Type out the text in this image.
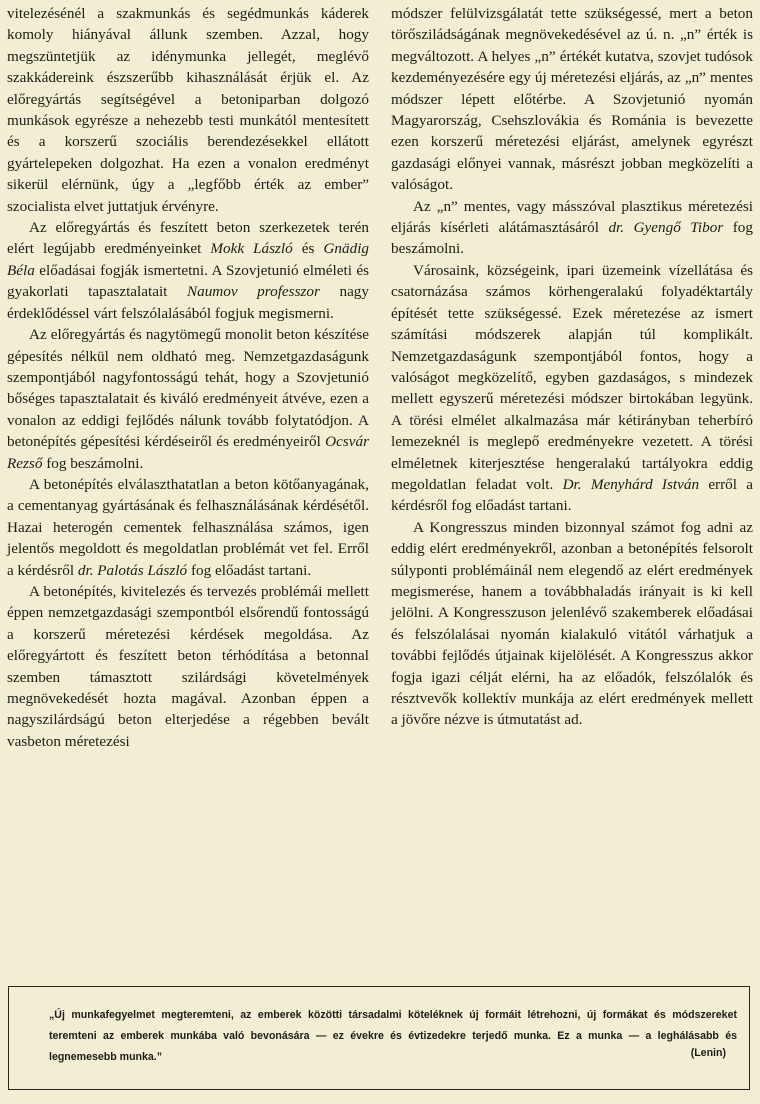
vitelezésénél a szakmunkás és segédmunkás káderek komoly hiányával állunk szemben. Azzal, hogy megszüntetjük az idénymunka jellegét, meglévő szakkádereink észszerűbb kihasználását érjük el. Az előregyártás segítségével a betoniparban dolgozó munkások egyrésze a nehezebb testi munkától mentesített és a korszerű szociális berendezésekkel ellátott gyártelepeken dolgozhat. Ha ezen a vonalon eredményt sikerül elérnünk, úgy a „legfőbb érték az ember” szocialista elvet juttatjuk érvényre.

Az előregyártás és feszített beton szerkezetek terén elért legújabb eredményeinket Mokk László és Gnädig Béla előadásai fogják ismertetni. A Szovjetunió elméleti és gyakorlati tapasztalatait Naumov professzor nagy érdeklődéssel várt felszólalásából fogjuk megismerni.

Az előregyártás és nagytömegű monolit beton készítése gépesítés nélkül nem oldható meg. Nemzetgazdaságunk szempontjából nagyfontosságú tehát, hogy a Szovjetunió bőséges tapasztalatait és kiváló eredményeit átvéve, ezen a vonalon az eddigi fejlődés nálunk tovább folytatódjon. A betonépítés gépesítési kérdéseiről és eredményeiről Ocsvár Rezső fog beszámolni.

A betonépítés elválaszthatatlan a beton kötőanyagának, a cementanyag gyártásának és felhasználásának kérdésétől. Hazai heterogén cementek felhasználása számos, igen jelentős megoldott és megoldatlan problémát vet fel. Erről a kérdésről dr. Palotás László fog előadást tartani.

A betonépítés, kivitelezés és tervezés problémái mellett éppen nemzetgazdasági szempontból elsőrendű fontosságú a korszerű méretezési kérdések megoldása. Az előregyártott és feszített beton térhódítása a betonnal szemben támasztott szilárdsági követelmények megnövekedését hozta magával. Azonban éppen a nagyszilárdságú beton elterjedése a régebben bevált vasbeton méretezési

módszer felülvizsgálatát tette szükségessé, mert a beton törősziládságának megnövekedésével az ú. n. „n” érték is megváltozott. A helyes „n” értékét kutatva, szovjet tudósok kezdeményezésére egy új méretezési eljárás, az „n” mentes módszer lépett előtérbe. A Szovjetunió nyomán Magyarország, Csehszlovákia és Románia is bevezette ezen korszerű méretezési eljárást, amelynek egyrészt gazdasági előnyei vannak, másrészt jobban megközelíti a valóságot.

Az „n” mentes, vagy másszóval plasztikus méretezési eljárás kísérleti alátámasztásáról dr. Gyengő Tibor fog beszámolni.

Városaink, községeink, ipari üzemeink vízellátása és csatornázása számos körhengeralakú folyadéktartály építését tette szükségessé. Ezek méretezése az ismert számítási módszerek alapján túl komplikált. Nemzetgazdaságunk szempontjából fontos, hogy a valóságot megközelítő, egyben gazdaságos, s mindezek mellett egyszerű méretezési módszer birtokában legyünk. A törési elmélet alkalmazása már kétirányban teherbíró lemezeknél is meglepő eredményekre vezetett. A törési elméletnek kiterjesztése hengeralakú tartályokra eddig megoldatlan feladat volt. Dr. Menyhárd István erről a kérdésről fog előadást tartani.

A Kongresszus minden bizonnyal számot fog adni az eddig elért eredményekről, azonban a betonépítés felsorolt súlyponti problémáinál nem elegendő az elért eredmények megismerése, hanem a továbbhaladás irányait is ki kell jelölni. A Kongresszuson jelenlévő szakemberek előadásai és felszólalásai nyomán kialakuló vitától várhatjuk a további fejlődés útjainak kijelölését. A Kongresszus akkor fogja igazi célját elérni, ha az előadók, felszólalók és résztvevők kollektív munkája az elért eredmények mellett a jövőre nézve is útmutatást ad.

„Új munkafegyelmet megteremteni, az emberek közötti társadalmi köteléknek új formáit létrehozni, új formákat és módszereket teremteni az emberek munkába való bevonására — ez évekre és évtizedekre terjedő munka. Ez a munka — a leghálásabb és legnemesebb munka.”	(Lenin)
